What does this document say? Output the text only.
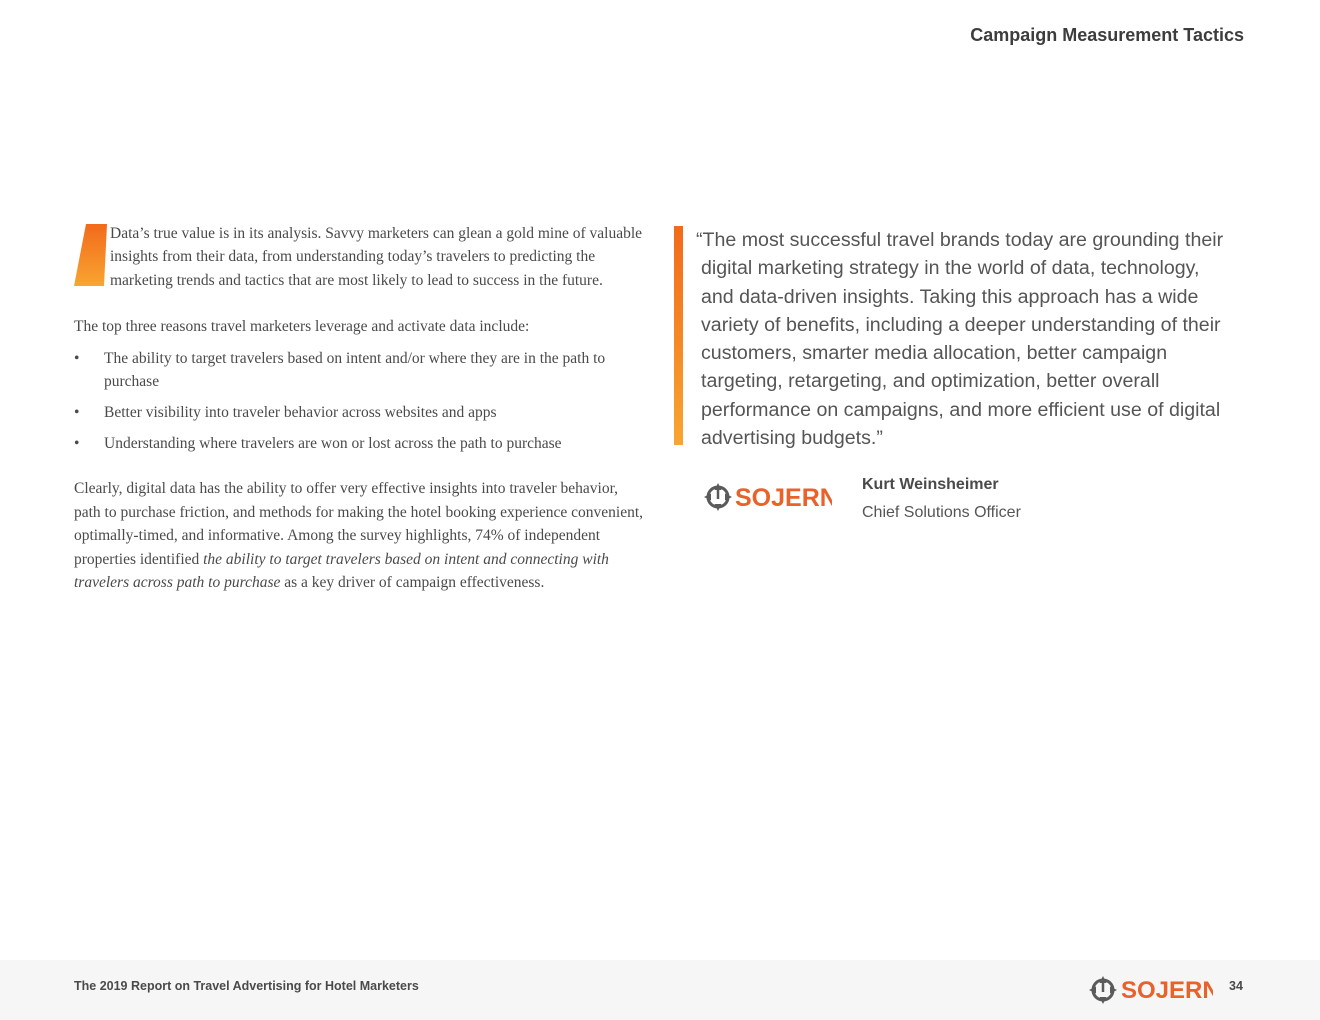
Campaign Measurement Tactics

Data’s true value is in its analysis. Savvy marketers can glean a gold mine of valuable insights from their data, from understanding today’s travelers to predicting the marketing trends and tactics that are most likely to lead to success in the future.

The top three reasons travel marketers leverage and activate data include:

• The ability to target travelers based on intent and/or where they are in the path to purchase
• Better visibility into traveler behavior across websites and apps
• Understanding where travelers are won or lost across the path to purchase

Clearly, digital data has the ability to offer very effective insights into traveler behavior, path to purchase friction, and methods for making the hotel booking experience convenient, optimally-timed, and informative. Among the survey highlights, 74% of independent properties identified the ability to target travelers based on intent and connecting with travelers across path to purchase as a key driver of campaign effectiveness.

“The most successful travel brands today are grounding their digital marketing strategy in the world of data, technology, and data-driven insights. Taking this approach has a wide variety of benefits, including a deeper understanding of their customers, smarter media allocation, better campaign targeting, retargeting, and optimization, better overall performance on campaigns, and more efficient use of digital advertising budgets.”

SOJERN Kurt Weinsheimer
Chief Solutions Officer
The 2019 Report on Travel Advertising for Hotel Marketers	SOJERN 34
